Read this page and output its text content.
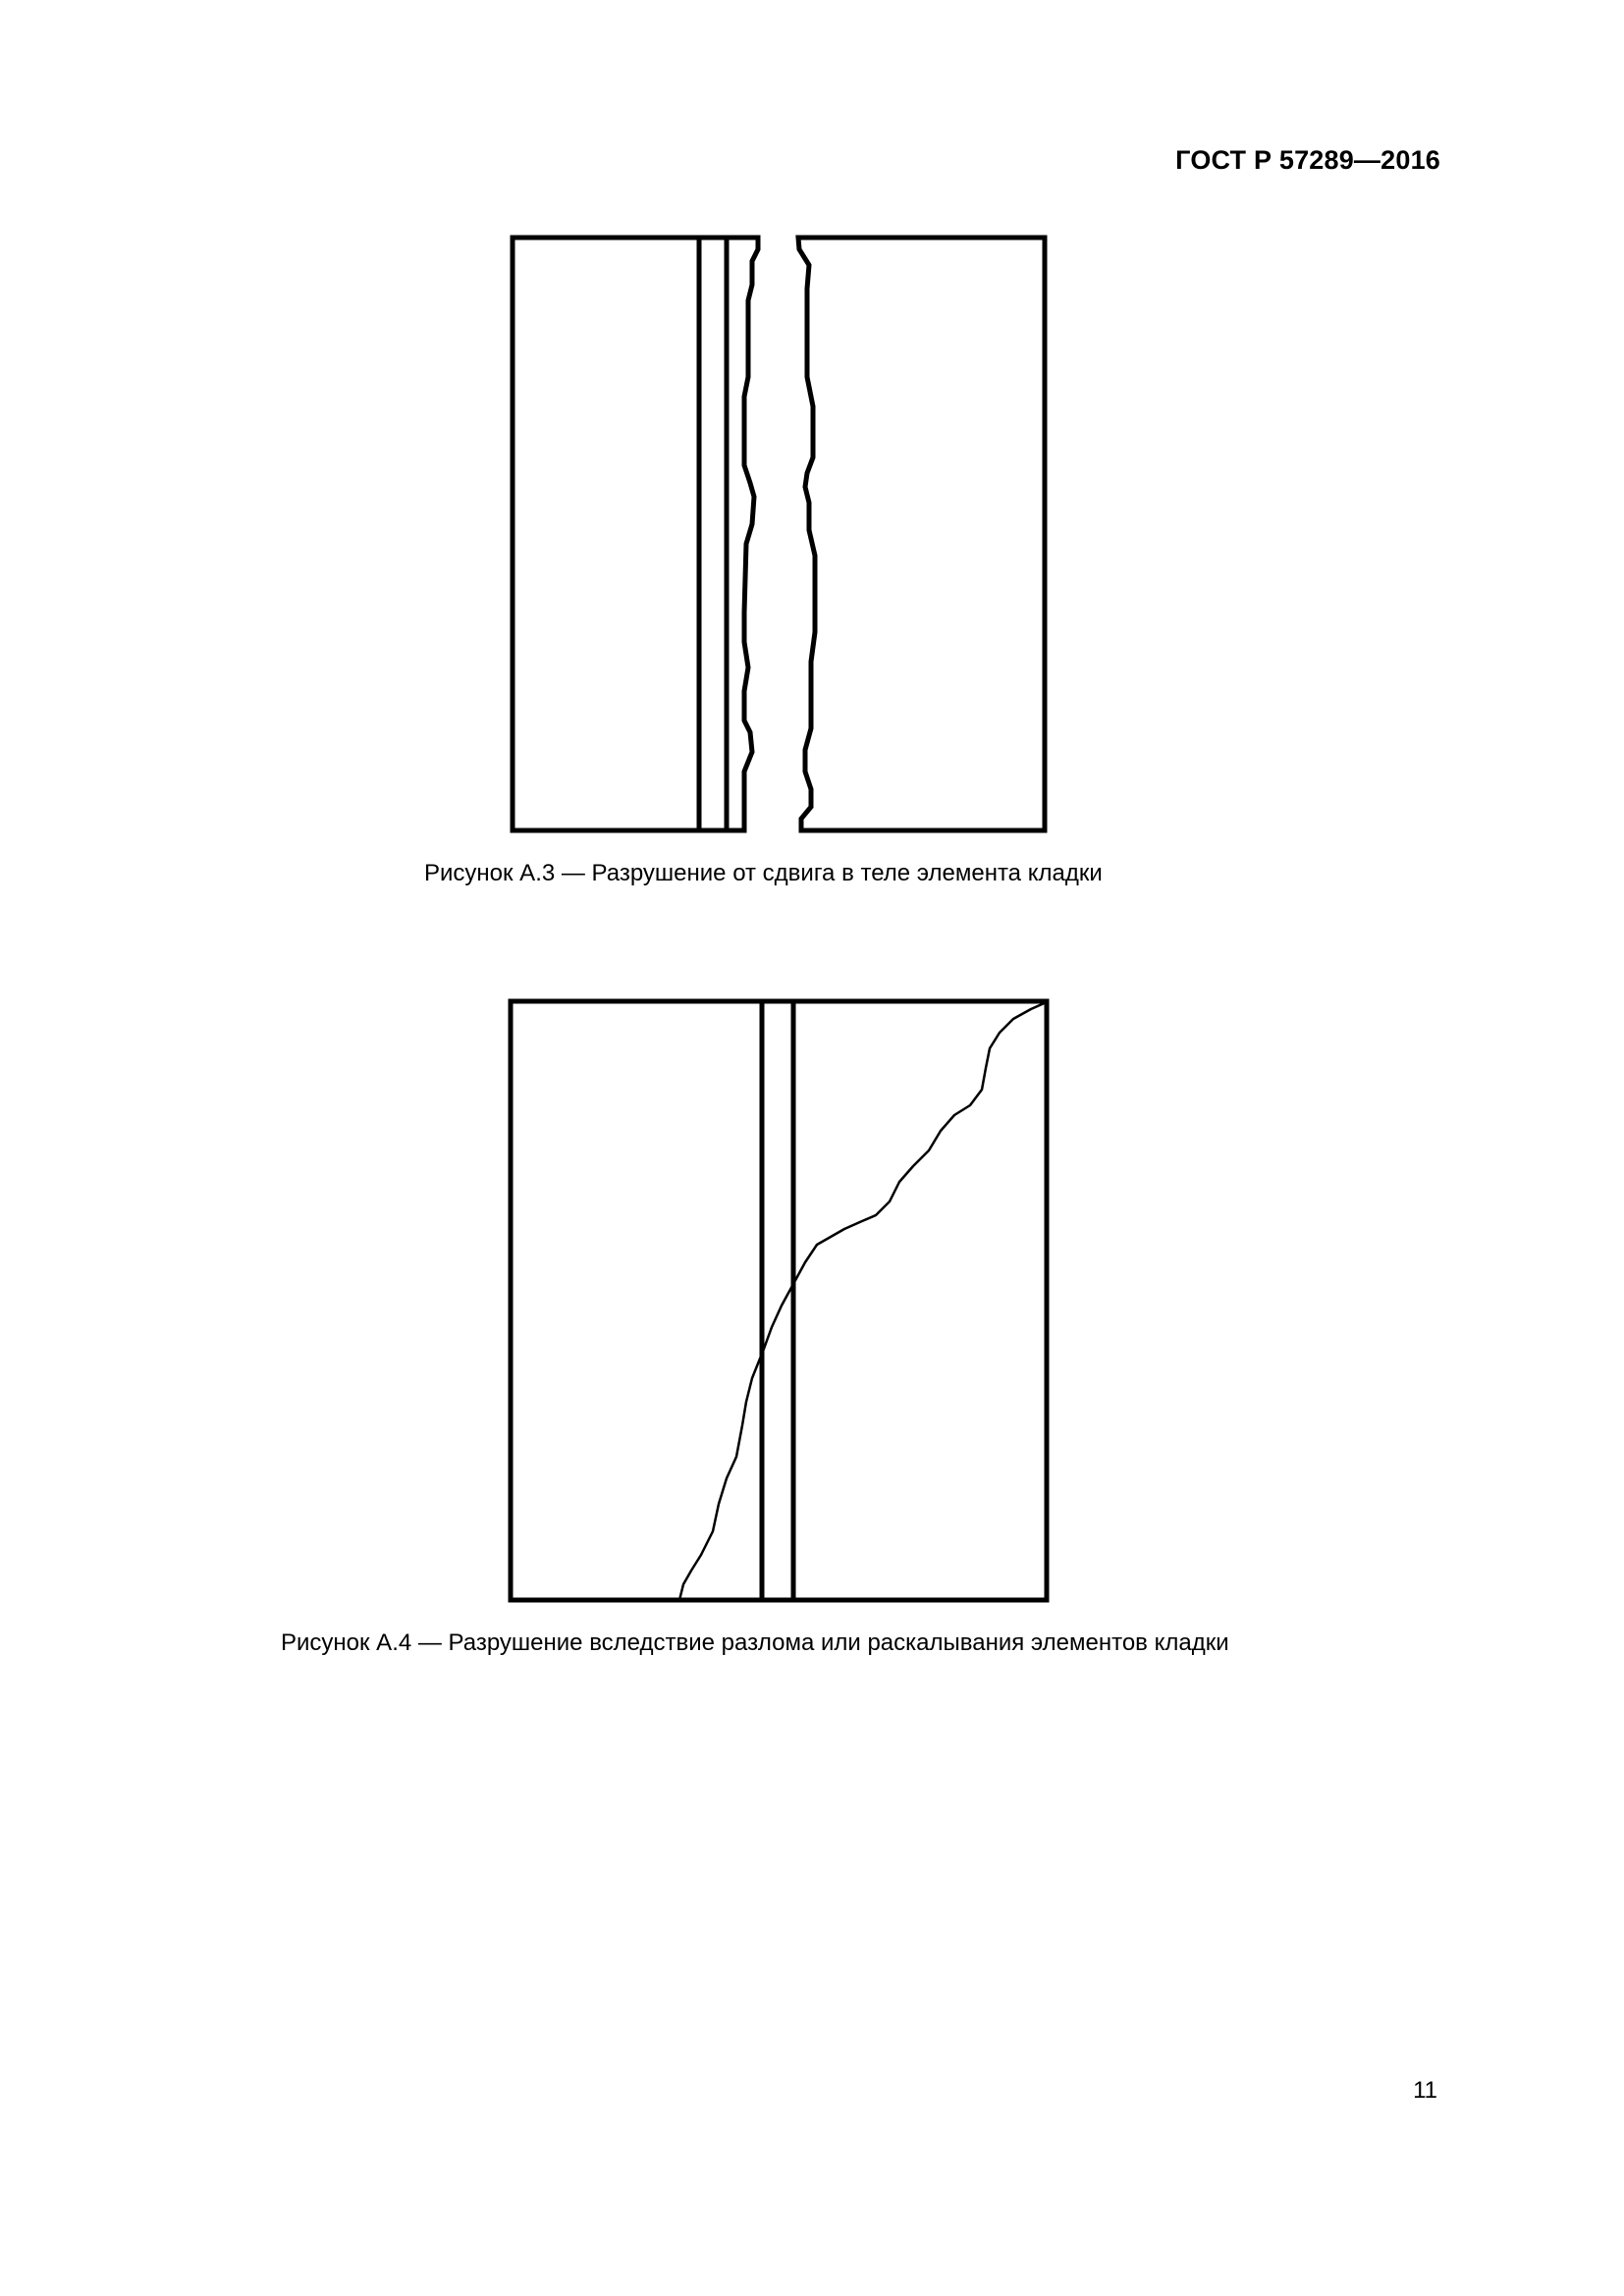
ГОСТ Р 57289—2016
Рисунок А.3 — Разрушение от сдвига в теле элемента кладки
Рисунок А.4 — Разрушение вследствие разлома или раскалывания элементов кладки
11
